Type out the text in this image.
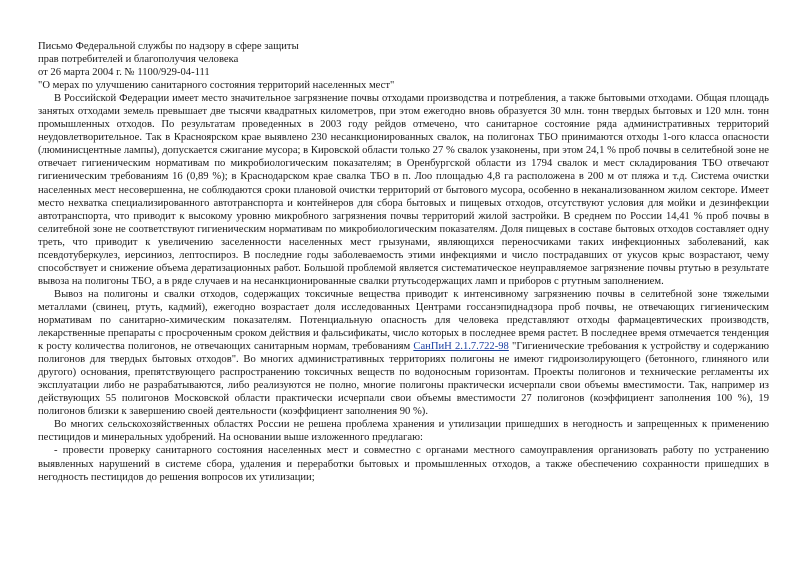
Письмо Федеральной службы по надзору в сфере защиты

прав потребителей и благополучия человека

от 26 марта 2004 г. № 1100/929-04-111

"О мерах по улучшению санитарного состояния территорий населенных мест"

В Российской Федерации имеет место значительное загрязнение почвы отходами производства и потребления, а также бытовыми отходами. Общая площадь занятых отходами земель превышает две тысячи квадратных километров, при этом ежегодно вновь образуется 30 млн. тонн твердых бытовых и 120 млн. тонн промышленных отходов. По результатам проведенных в 2003 году рейдов отмечено, что санитарное состояние ряда административных территорий неудовлетворительное. Так в Красноярском крае выявлено 230 несанкционированных свалок, на полигонах ТБО принимаются отходы 1-ого класса опасности (люминисцентные лампы), допускается сжигание мусора; в Кировской области только 27 % свалок узаконены, при этом 24,1 % проб почвы в селитебной зоне не отвечает гигиеническим нормативам по микробиологическим показателям; в Оренбургской области из 1794 свалок и мест складирования ТБО отвечают гигиеническим требованиям 16 (0,89 %); в Краснодарском крае свалка ТБО в п. Лоо площадью 4,8 га расположена в 200 м от пляжа и т.д. Система очистки населенных мест несовершенна, не соблюдаются сроки плановой очистки территорий от бытового мусора, особенно в неканализованном жилом секторе. Имеет место нехватка специализированного автотранспорта и контейнеров для сбора бытовых и пищевых отходов, отсутствуют условия для мойки и дезинфекции автотранспорта, что приводит к высокому уровню микробного загрязнения почвы территорий жилой застройки. В среднем по России 14,41 % проб почвы в селитебной зоне не соответствуют гигиеническим нормативам по микробиологическим показателям. Доля пищевых в составе бытовых отходов составляет одну треть, что приводит к увеличению заселенности населенных мест грызунами, являющихся переносчиками таких инфекционных заболеваний, как псевдотуберкулез, иерсиниоз, лептоспироз. В последние годы заболеваемость этими инфекциями и число пострадавших от укусов крыс возрастают, чему способствует и снижение объема дератизационных работ. Большой проблемой является систематическое неуправляемое загрязнение почвы ртутью в результате вывоза на полигоны ТБО, а в ряде случаев и на несанкционированные свалки ртутьсодержащих ламп и приборов с ртутным заполнением.

Вывоз на полигоны и свалки отходов, содержащих токсичные вещества приводит к интенсивному загрязнению почвы в селитебной зоне тяжелыми металлами (свинец, ртуть, кадмий), ежегодно возрастает доля исследованных Центрами госсанэпиднадзора проб почвы, не отвечающих гигиеническим нормативам по санитарно-химическим показателям. Потенциальную опасность для человека представляют отходы фармацевтических производств, лекарственные препараты с просроченным сроком действия и фальсификаты, число которых в последнее время растет. В последнее время отмечается тенденция к росту количества полигонов, не отвечающих санитарным нормам, требованиям СанПиН 2.1.7.722-98 "Гигиенические требования к устройству и содержанию полигонов для твердых бытовых отходов". Во многих административных территориях полигоны не имеют гидроизолирующего (бетонного, глиняного или другого) основания, препятствующего распространению токсичных веществ по водоносным горизонтам. Проекты полигонов и технические регламенты их эксплуатации либо не разрабатываются, либо реализуются не полно, многие полигоны практически исчерпали свои объемы вместимости. Так, например из действующих 55 полигонов Московской области практически исчерпали свои объемы вместимости 27 полигонов (коэффициент заполнения 100 %), 19 полигонов близки к завершению своей деятельности (коэффициент заполнения 90 %).

Во многих сельскохозяйственных областях России не решена проблема хранения и утилизации пришедших в негодность и запрещенных к применению пестицидов и минеральных удобрений. На основании выше изложенного предлагаю:

- провести проверку санитарного состояния населенных мест и совместно с органами местного самоуправления организовать работу по устранению выявленных нарушений в системе сбора, удаления и переработки бытовых и промышленных отходов, а также обеспечению сохранности пришедших в негодность пестицидов до решения вопросов их утилизации;
